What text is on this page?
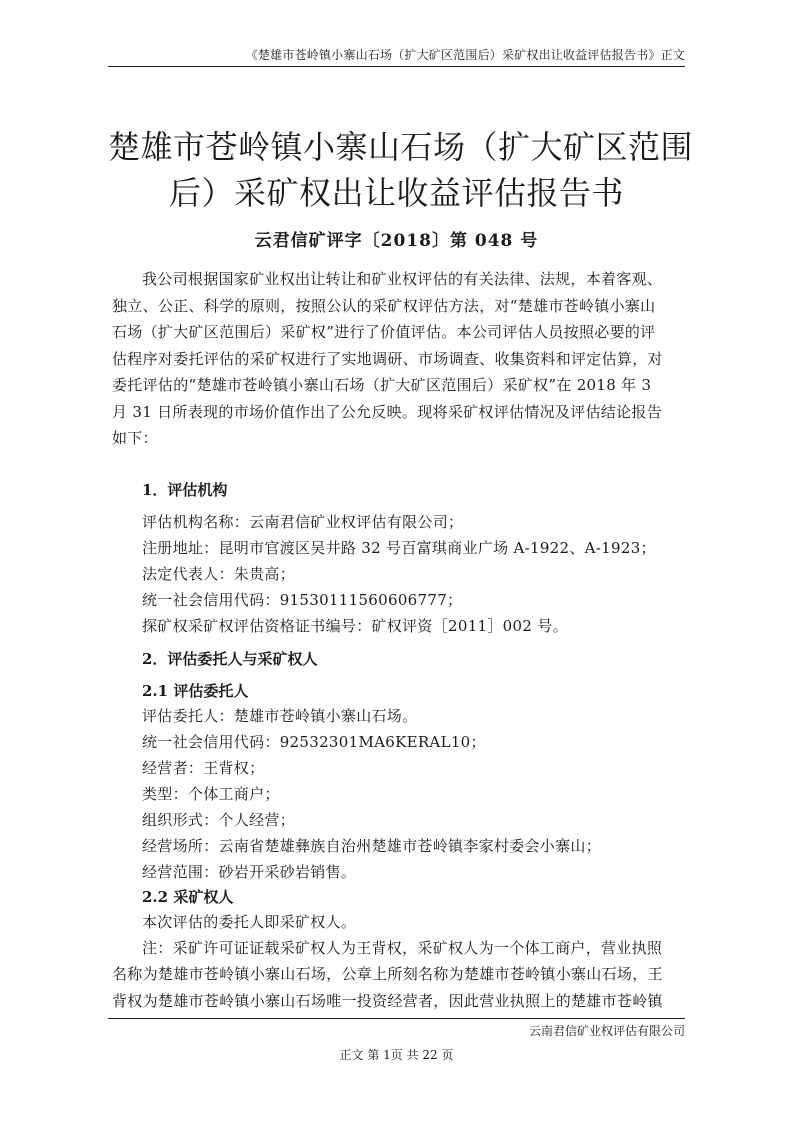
《楚雄市苍岭镇小寨山石场（扩大矿区范围后）采矿权出让收益评估报告书》正文
楚雄市苍岭镇小寨山石场（扩大矿区范围
后）采矿权出让收益评估报告书
云君信矿评字〔2018〕第 048 号

我公司根据国家矿业权出让转让和矿业权评估的有关法律、法规，本着客观、
独立、公正、科学的原则，按照公认的采矿权评估方法，对“楚雄市苍岭镇小寨山
石场（扩大矿区范围后）采矿权”进行了价值评估。本公司评估人员按照必要的评
估程序对委托评估的采矿权进行了实地调研、市场调查、收集资料和评定估算，对
委托评估的“楚雄市苍岭镇小寨山石场（扩大矿区范围后）采矿权”在 2018 年 3
月 31 日所表现的市场价值作出了公允反映。现将采矿权评估情况及评估结论报告
如下：

1．评估机构

评估机构名称：云南君信矿业权评估有限公司；

注册地址：昆明市官渡区吴井路 32 号百富琪商业广场 A-1922、A-1923；

法定代表人：朱贵高；

统一社会信用代码：91530111560606777；

探矿权采矿权评估资格证书编号：矿权评资［2011］002 号。

2．评估委托人与采矿权人

2.1 评估委托人

评估委托人：楚雄市苍岭镇小寨山石场。

统一社会信用代码：92532301MA6KERAL10；

经营者：王背权；

类型：个体工商户；

组织形式：个人经营；

经营场所：云南省楚雄彝族自治州楚雄市苍岭镇李家村委会小寨山；

经营范围：砂岩开采砂岩销售。

2.2 采矿权人

本次评估的委托人即采矿权人。

注：采矿许可证证载采矿权人为王背权，采矿权人为一个体工商户，营业执照
名称为楚雄市苍岭镇小寨山石场，公章上所刻名称为楚雄市苍岭镇小寨山石场，王
背权为楚雄市苍岭镇小寨山石场唯一投资经营者，因此营业执照上的楚雄市苍岭镇

云南君信矿业权评估有限公司
正文 第 1页 共 22 页
